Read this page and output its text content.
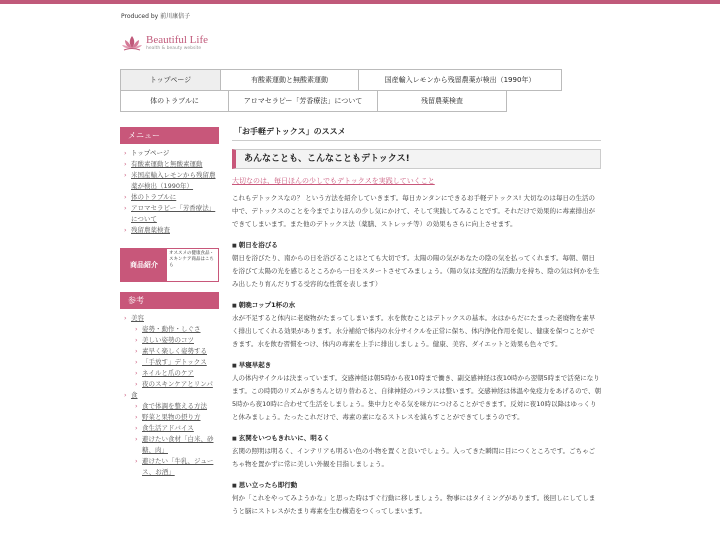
Produced by 前川康信子
Beautiful Life
health & beauty website
トップページ	有酸素運動と無酸素運動	国産輸入レモンから残留農薬が検出（1990年）
体のトラブルに	アロマセラピー「芳香療法」について	残留農薬検査
メニュー
› トップページ
› 有酸素運動と無酸素運動
› 米国産輸入レモンから残留農薬が検出（1990年）
› 体のトラブルに
› アロマセラピー「芳香療法」について
› 残留農薬検査
商品紹介
オススメの健康食品・スキンケア商品はこちら
参考
› 美容
› 姿勢・動作・しぐさ
› 美しい姿勢のコツ
› 素早く楽しく姿勢する
› 「手放す」デトックス
› ネイルと爪のケア
› 夜のスキンケアとリンパ
› 食
› 食で体調を整える方法
› 野菜と果物の摂り方
› 食生活アドバイス
› 避けたい食材「白米、砂糖、肉」
› 避けたい「牛乳、ジュース、お酒」
「お手軽デトックス」のススメ
あんなことも、こんなこともデトックス!
大切なのは、毎日ほんの少しでもデトックスを実践していくこと
これもデトックスなの？ という方法を紹介していきます。毎日カンタンにできるお手軽デトックス! 大切なのは毎日の生活の中で、デトックスのことを今までよりほんの少し気にかけて、そして実践してみることです。それだけで効果的に毒素排出ができてしまいます。また他のデトックス法（薬膳、ストレッチ等）の効果もさらに向上させます。
■ 朝日を浴びる
朝日を浴びたり、南からの日を浴びることはとても大切です。太陽の陽の気があなたの陰の気を払ってくれます。毎朝、朝日を浴びて太陽の光を感じるところから一日をスタートさせてみましょう。（陽の気は支配的な活動力を持ち、陰の気は何かを生み出したり育んだりする受容的な性質を表します）
■ 朝晩コップ1杯の水
水が不足すると体内に老廃物がたまってしまいます。水を飲むことはデトックスの基本。水はからだにたまった老廃物を素早く排出してくれる効果があります。水分補給で体内の水分サイクルを正常に保ち、体内浄化作用を促し、健康を保つことができます。水を飲む習慣をつけ、体内の毒素を上手に排出しましょう。健康、美容、ダイエットと効果も色々です。
■ 早寝早起き
人の体内サイクルは決まっています。交感神経は朝5時から夜10時まで働き、副交感神経は夜10時から翌朝5時まで活発になります。この時間のリズムがきちんと切り替わると、自律神経のバランスは整います。交感神経は体温や免疫力をあげるので、朝5時から夜10時に合わせて生活をしましょう。集中力とやる気を味方につけることができます。反対に夜10時以降はゆっくりと休みましょう。たったこれだけで、毒素の素になるストレスを減らすことができてしまうのです。
■ 玄関をいつもきれいに、明るく
玄関の照明は明るく、インテリアも明るい色の小物を置くと良いでしょう。入ってきた瞬間に目につくところです。ごちゃごちゃ物を置かずに常に美しい外観を目指しましょう。
■ 思い立ったら即行動
何か「これをやってみようかな」と思った時はすぐ行動に移しましょう。物事にはタイミングがあります。後回しにしてしまうと脳にストレスがたまり毒素を生む構造をつくってしまいます。
